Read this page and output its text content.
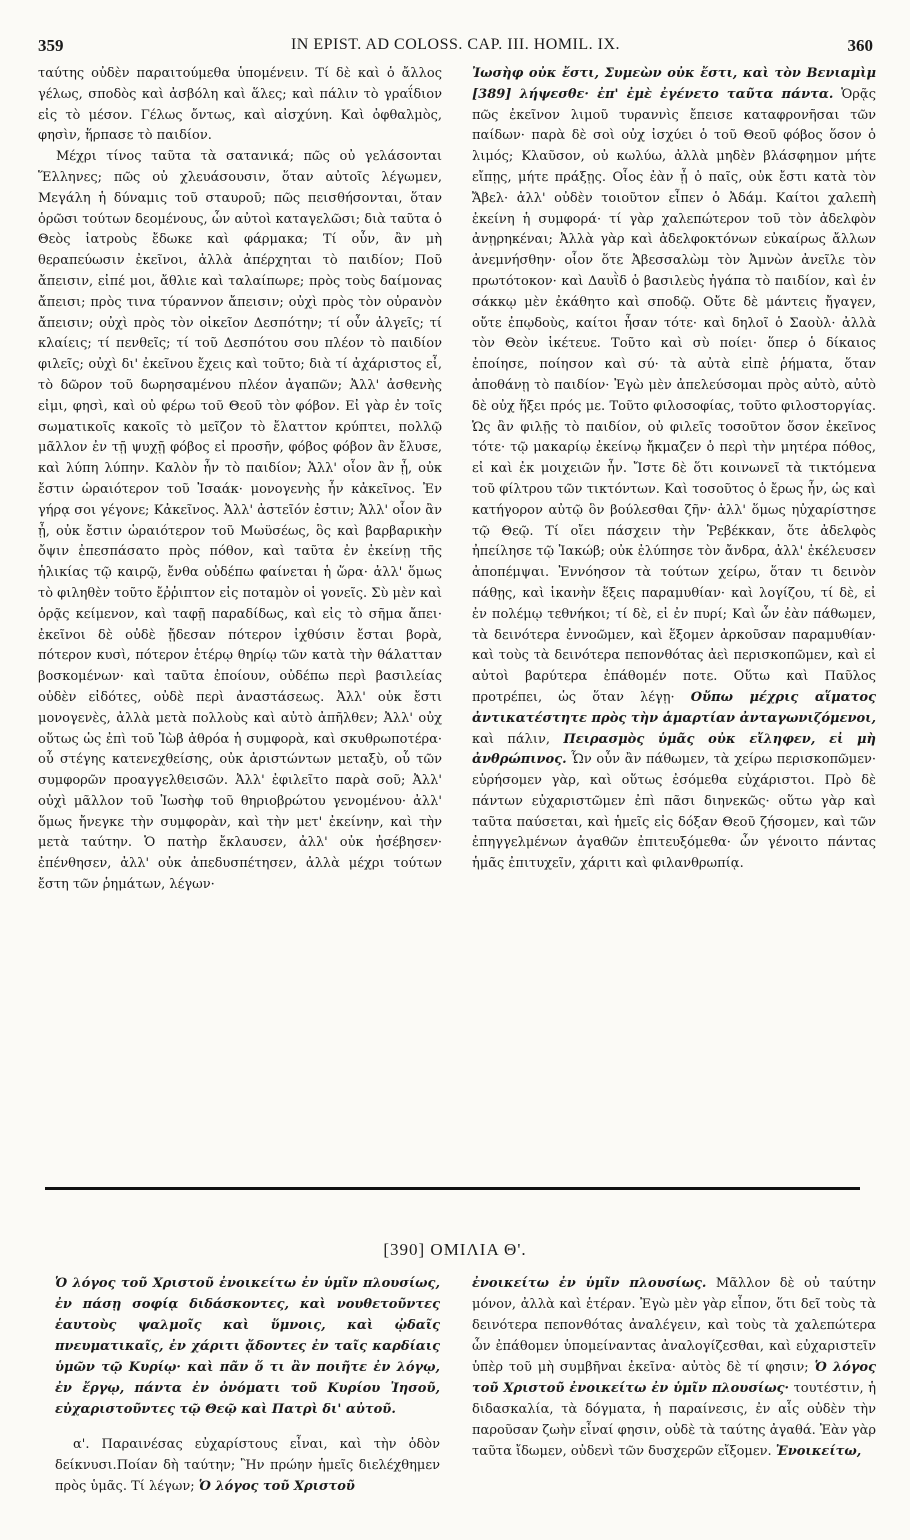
359	IN EPIST. AD COLOSS. CAP. III. HOMIL. IX.	360

ταύτης οὐδὲν παραιτούμεθα ὑπομένειν. Τί δὲ καὶ ὁ ἄλλος γέλως, σποδὸς καὶ ἀσβόλη καὶ ἅλες; καὶ πάλιν τὸ γραΐδιον εἰς τὸ μέσον. Γέλως ὄντως, καὶ αἰσχύνη. Καὶ ὀφθαλμὸς, φησὶν, ἥρπασε τὸ παιδίον.

Μέχρι τίνος ταῦτα τὰ σατανικά; πῶς οὐ γελάσονται Ἕλληνες; πῶς οὐ χλευάσουσιν, ὅταν αὐτοῖς λέγωμεν, Μεγάλη ἡ δύναμις τοῦ σταυροῦ; πῶς πεισθήσονται, ὅταν ὁρῶσι τούτων δεομένους, ὧν αὐτοὶ καταγελῶσι; διὰ ταῦτα ὁ Θεὸς ἰατροὺς ἔδωκε καὶ φάρμακα; Τί οὖν, ἂν μὴ θεραπεύωσιν ἐκεῖνοι, ἀλλὰ ἀπέρχηται τὸ παιδίον; Ποῦ ἄπεισιν, εἰπέ μοι, ἄθλιε καὶ ταλαίπωρε; πρὸς τοὺς δαίμονας ἄπεισι; πρὸς τινα τύραννον ἄπεισιν; οὐχὶ πρὸς τὸν οὐρανὸν ἄπεισιν; οὐχὶ πρὸς τὸν οἰκεῖον Δεσπότην; τί οὖν ἀλγεῖς; τί κλαίεις; τί πενθεῖς; τί τοῦ Δεσπότου σου πλέον τὸ παιδίον φιλεῖς; οὐχὶ δι' ἐκεῖνου ἔχεις καὶ τοῦτο; διὰ τί ἀχάριστος εἶ, τὸ δῶρον τοῦ δωρησαμένου πλέον ἀγαπῶν; Ἀλλ' ἀσθενὴς εἰμι, φησὶ, καὶ οὐ φέρω τοῦ Θεοῦ τὸν φόβον. Εἰ γὰρ ἐν τοῖς σωματικοῖς κακοῖς τὸ μεῖζον τὸ ἔλαττον κρύπτει, πολλῷ μᾶλλον ἐν τῇ ψυχῇ φόβος εἰ προσῆν, φόβος φόβον ἂν ἔλυσε, καὶ λύπη λύπην. Καλὸν ἦν τὸ παιδίον; Ἀλλ' οἷον ἂν ᾖ, οὐκ ἔστιν ὡραιότερον τοῦ Ἰσαάκ· μονογενὴς ἦν κἀκεῖνος. Ἐν γήρᾳ σοι γέγονε; Κἀκεῖνος. Ἀλλ' ἀστεῖόν ἐστιν; Ἀλλ' οἷον ἂν ᾖ, οὐκ ἔστιν ὡραιότερον τοῦ Μωϋσέως, ὃς καὶ βαρβαρικὴν ὄψιν ἐπεσπάσατο πρὸς πόθον, καὶ ταῦτα ἐν ἐκείνῃ τῆς ἡλικίας τῷ καιρῷ, ἔνθα οὐδέπω φαίνεται ἡ ὥρα· ἀλλ' ὅμως τὸ φιληθὲν τοῦτο ἔῤῥιπτον εἰς ποταμὸν οἱ γονεῖς. Σὺ μὲν καὶ ὁρᾷς κείμενον, καὶ ταφῇ παραδίδως, καὶ εἰς τὸ σῆμα ἄπει· ἐκεῖνοι δὲ οὐδὲ ᾔδεσαν πότερον ἰχθύσιν ἔσται βορὰ, πότερον κυσὶ, πότερον ἑτέρῳ θηρίῳ τῶν κατὰ τὴν θάλατταν βοσκομένων· καὶ ταῦτα ἐποίουν, οὐδέπω περὶ βασιλείας οὐδὲν εἰδότες, οὐδὲ περὶ ἀναστάσεως. Ἀλλ' οὐκ ἔστι μονογενὲς, ἀλλὰ μετὰ πολλοὺς καὶ αὐτὸ ἀπῆλθεν; Ἀλλ' οὐχ οὕτως ὡς ἐπὶ τοῦ Ἰὼβ ἀθρόα ἡ συμφορὰ, καὶ σκυθρωποτέρα· οὗ στέγης κατενεχθείσης, οὐκ ἀριστώντων μεταξὺ, οὗ τῶν συμφορῶν προαγγελθεισῶν. Ἀλλ' ἐφιλεῖτο παρὰ σοῦ; Ἀλλ' οὐχὶ μᾶλλον τοῦ Ἰωσὴφ τοῦ θηριοβρώτου γενομένου· ἀλλ' ὅμως ἤνεγκε τὴν συμφορὰν, καὶ τὴν μετ' ἐκείνην, καὶ τὴν μετὰ ταύτην. Ὁ πατὴρ ἔκλαυσεν, ἀλλ' οὐκ ἠσέβησεν· ἐπένθησεν, ἀλλ' οὐκ ἀπεδυσπέτησεν, ἀλλὰ μέχρι τούτων ἔστη τῶν ῥημάτων, λέγων·

Ἰωσὴφ οὐκ ἔστι, Συμεὼν οὐκ ἔστι, καὶ τὸν Βενιαμὶμ [389] λήψεσθε· ἐπ' ἐμὲ ἐγένετο ταῦτα πάντα. Ὁρᾷς πῶς ἐκεῖνον λιμοῦ τυραννὶς ἔπεισε καταφρονῆσαι τῶν παίδων· παρὰ δὲ σοὶ οὐχ ἰσχύει ὁ τοῦ Θεοῦ φόβος ὅσον ὁ λιμός; Κλαῦσον, οὐ κωλύω, ἀλλὰ μηδὲν βλάσφημον μήτε εἴπῃς, μήτε πράξῃς. Οἷος ἐὰν ᾖ ὁ παῖς, οὐκ ἔστι κατὰ τὸν Ἄβελ· ἀλλ' οὐδὲν τοιοῦτον εἶπεν ὁ Ἀδάμ. Καίτοι χαλεπὴ ἐκείνη ἡ συμφορά· τί γὰρ χαλεπώτερον τοῦ τὸν ἀδελφὸν ἀνῃρηκέναι; Ἀλλὰ γὰρ καὶ ἀδελφοκτόνων εὐκαίρως ἄλλων ἀνεμνήσθην· οἷον ὅτε Ἀβεσσαλὼμ τὸν Ἀμνὼν ἀνεῖλε τὸν πρωτότοκον· καὶ Δαυῒδ ὁ βασιλεὺς ἠγάπα τὸ παιδίον, καὶ ἐν σάκκῳ μὲν ἐκάθητο καὶ σποδῷ. Οὔτε δὲ μάντεις ἤγαγεν, οὔτε ἐπῳδοὺς, καίτοι ἦσαν τότε· καὶ δηλοῖ ὁ Σαοὺλ· ἀλλὰ τὸν Θεὸν ἱκέτευε. Τοῦτο καὶ σὺ ποίει· ὅπερ ὁ δίκαιος ἐποίησε, ποίησον καὶ σύ· τὰ αὐτὰ εἰπὲ ῥήματα, ὅταν ἀποθάνῃ τὸ παιδίον· Ἐγὼ μὲν ἀπελεύσομαι πρὸς αὐτὸ, αὐτὸ δὲ οὐχ ἥξει πρός με. Τοῦτο φιλοσοφίας, τοῦτο φιλοστοργίας. Ὡς ἂν φιλῇς τὸ παιδίον, οὐ φιλεῖς τοσοῦτον ὅσον ἐκεῖνος τότε· τῷ μακαρίῳ ἐκείνῳ ἤκμαζεν ὁ περὶ τὴν μητέρα πόθος, εἰ καὶ ἐκ μοιχειῶν ἦν. Ἴστε δὲ ὅτι κοινωνεῖ τὰ τικτόμενα τοῦ φίλτρου τῶν τικτόντων. Καὶ τοσοῦτος ὁ ἔρως ἦν, ὡς καὶ κατήγορον αὐτῷ ὃν βούλεσθαι ζῆν· ἀλλ' ὅμως ηὐχαρίστησε τῷ Θεῷ. Τί οἴει πάσχειν τὴν Ῥεβέκκαν, ὅτε ἀδελφὸς ἠπείλησε τῷ Ἰακώβ; οὐκ ἐλύπησε τὸν ἄνδρα, ἀλλ' ἐκέλευσεν ἀποπέμψαι. Ἐννόησον τὰ τούτων χείρω, ὅταν τι δεινὸν πάθῃς, καὶ ἱκανὴν ἕξεις παραμυθίαν· καὶ λογίζου, τί δὲ, εἰ ἐν πολέμῳ τεθνήκοι; τί δὲ, εἰ ἐν πυρί; Καὶ ὧν ἐὰν πάθωμεν, τὰ δεινότερα ἐννοῶμεν, καὶ ἕξομεν ἀρκοῦσαν παραμυθίαν· καὶ τοὺς τὰ δεινότερα πεπονθότας ἀεὶ περισκοπῶμεν, καὶ εἰ αὐτοὶ βαρύτερα ἐπάθομέν ποτε. Οὕτω καὶ Παῦλος προτρέπει, ὡς ὅταν λέγῃ· Οὔπω μέχρις αἵματος ἀντικατέστητε πρὸς τὴν ἁμαρτίαν ἀνταγωνιζόμενοι, καὶ πάλιν, Πειρασμὸς ὑμᾶς οὐκ εἴληφεν, εἰ μὴ ἀνθρώπινος. Ὧν οὖν ἂν πάθωμεν, τὰ χείρω περισκοπῶμεν· εὑρήσομεν γὰρ, καὶ οὕτως ἐσόμεθα εὐχάριστοι. Πρὸ δὲ πάντων εὐχαριστῶμεν ἐπὶ πᾶσι διηνεκῶς· οὕτω γὰρ καὶ ταῦτα παύσεται, καὶ ἡμεῖς εἰς δόξαν Θεοῦ ζήσομεν, καὶ τῶν ἐπηγγελμένων ἀγαθῶν ἐπιτευξόμεθα· ὧν γένοιτο πάντας ἡμᾶς ἐπιτυχεῖν, χάριτι καὶ φιλανθρωπίᾳ.

[390] ΟΜΙΛΙΑ Θ'.

Ὁ λόγος τοῦ Χριστοῦ ἐνοικείτω ἐν ὑμῖν πλουσίως, ἐν πάσῃ σοφίᾳ διδάσκοντες, καὶ νουθετοῦντες ἑαυτοὺς ψαλμοῖς καὶ ὕμνοις, καὶ ᾠδαῖς πνευματικαῖς, ἐν χάριτι ᾄδοντες ἐν ταῖς καρδίαις ὑμῶν τῷ Κυρίῳ· καὶ πᾶν ὅ τι ἂν ποιῆτε ἐν λόγῳ, ἐν ἔργῳ, πάντα ἐν ὀνόματι τοῦ Κυρίου Ἰησοῦ, εὐχαριστοῦντες τῷ Θεῷ καὶ Πατρὶ δι' αὐτοῦ.

α'. Παραινέσας εὐχαρίστους εἶναι, καὶ τὴν ὁδὸν δείκνυσι.Ποίαν δὴ ταύτην; Ἣν πρώην ἡμεῖς διελέχθημεν πρὸς ὑμᾶς. Τί λέγων; Ὁ λόγος τοῦ Χριστοῦ

ἐνοικείτω ἐν ὑμῖν πλουσίως. Μᾶλλον δὲ οὐ ταύτην μόνον, ἀλλὰ καὶ ἑτέραν. Ἐγὼ μὲν γὰρ εἶπον, ὅτι δεῖ τοὺς τὰ δεινότερα πεπονθότας ἀναλέγειν, καὶ τοὺς τὰ χαλεπώτερα ὧν ἐπάθομεν ὑπομείναντας ἀναλογίζεσθαι, καὶ εὐχαριστεῖν ὑπὲρ τοῦ μὴ συμβῆναι ἐκεῖνα· αὐτὸς δὲ τί φησιν; Ὁ λόγος τοῦ Χριστοῦ ἐνοικείτω ἐν ὑμῖν πλουσίως· τουτέστιν, ἡ διδασκαλία, τὰ δόγματα, ἡ παραίνεσις, ἐν αἷς οὐδὲν τὴν παροῦσαν ζωὴν εἶναί φησιν, οὐδὲ τὰ ταύτης ἀγαθά. Ἐὰν γὰρ ταῦτα ἴδωμεν, οὐδενὶ τῶν δυσχερῶν εἴξομεν. Ἐνοικείτω,
